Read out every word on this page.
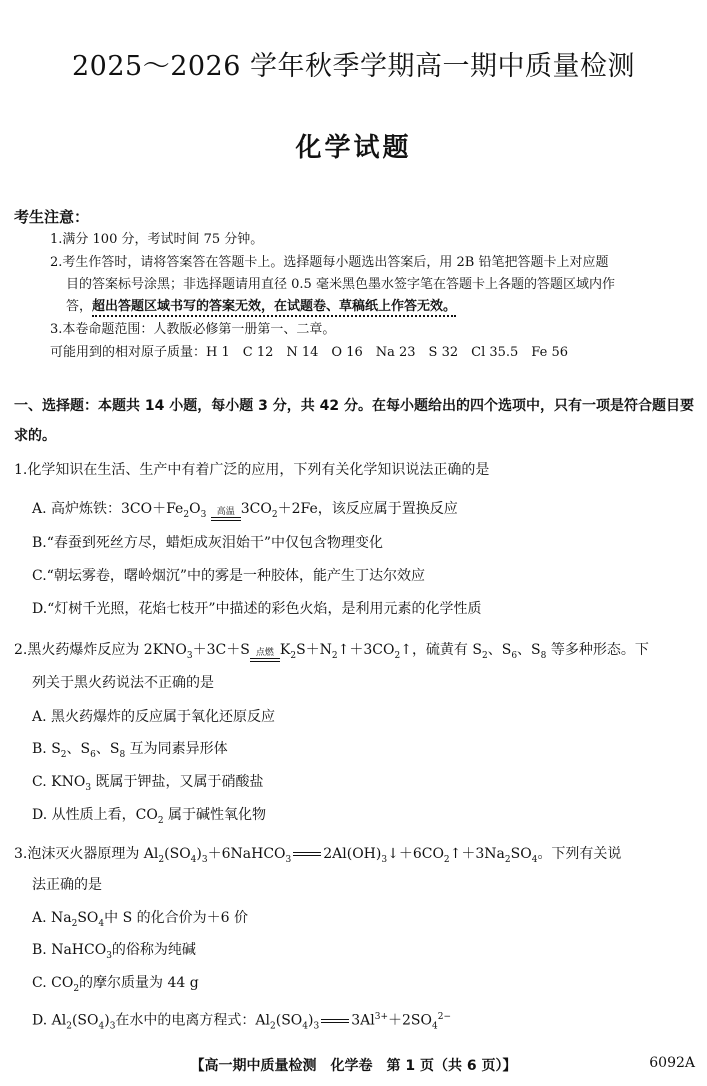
2025～2026 学年秋季学期高一期中质量检测
化学试题
考生注意：
1.满分 100 分，考试时间 75 分钟。
2.考生作答时，请将答案答在答题卡上。选择题每小题选出答案后，用 2B 铅笔把答题卡上对应题
目的答案标号涂黑；非选择题请用直径 0.5 毫米黑色墨水签字笔在答题卡上各题的答题区域内作
答，超出答题区域书写的答案无效，在试题卷、草稿纸上作答无效。
3.本卷命题范围：人教版必修第一册第一、二章。
可能用到的相对原子质量：H 1　C 12　N 14　O 16　Na 23　S 32　Cl 35.5　Fe 56
一、选择题：本题共 14 小题，每小题 3 分，共 42 分。在每小题给出的四个选项中，只有一项是符合题目要求的。
1.化学知识在生活、生产中有着广泛的应用，下列有关化学知识说法正确的是
A. 高炉炼铁：$3CO+Fe_2O_3$	高温 $3CO_2+2Fe$，该反应属于置换反应
B.“春蚕到死丝方尽，蜡炬成灰泪始干”中仅包含物理变化
C.“朝坛雾卷，曙岭烟沉”中的雾是一种胶体，能产生丁达尔效应
D.“灯树千光照，花焰七枝开”中描述的彩色火焰，是利用元素的化学性质
2.黑火药爆炸反应为 $2KNO_3+3C+S$ 点燃 $K_2S+N_2↑+3CO_2↑$，硫黄有 $S_2$、$S_6$、$S_8$ 等多种形态。下
列关于黑火药说法不正确的是
A. 黑火药爆炸的反应属于氧化还原反应
B. $S_2$、$S_6$、$S_8$ 互为同素异形体
C. $KNO_3$ 既属于钾盐，又属于硝酸盐
D. 从性质上看，$CO_2$ 属于碱性氧化物
3.泡沫灭火器原理为 $Al_2(SO_4)_3+6NaHCO_3$ $2Al(OH)_3↓+6CO_2↑+3Na_2SO_4$。下列有关说
法正确的是
A. $Na_2SO_4$中 S 的化合价为＋6 价
B. NaHCO$_3$的俗称为纯碱
C. $CO_2$的摩尔质量为 44 g
D. $Al_2(SO_4)_3$在水中的电离方程式：$Al_2(SO_4)_3$ $3Al^{3+}+2SO_4^{2-}$
【高一期中质量检测　化学卷　第 1 页（共 6 页）】	6092A
